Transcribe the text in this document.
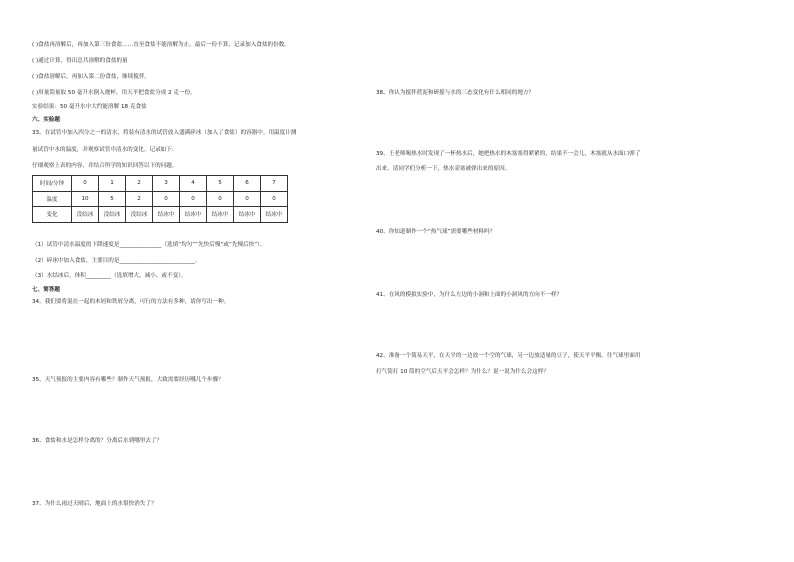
( )食盐再溶解后，再加入第三份食盐……直至食盐不能溶解为止，最后一份不算，记录加入食盐的份数。
( )通过计算，得出总共溶解的食盐的量
( )食盐溶解后，再加入第二份食盐，继续搅拌。
( )用量筒量取 50 毫升水倒入烧杯，用天平把食盐分成 2 克一份。
实验结果：50 毫升水中大约能溶解 18 克食盐
六、实验题
33、在试管中加入四分之一的清水，将装有清水的试管放入盛满碎冰（加入了食盐）的容器中。用温度计测
量试管中水的温度，并观察试管中清水的变化。记录如下:
仔细观察上表的内容，并结合所学的知识回答以下的问题。
时间/分钟	0	1	2	3	4	5	6	7
温度	10	5	2	0	0	0	0	0
变化	没结冰	没结冰	没结冰	结冰中	结冰中	结冰中	结冰中	结冰中
（1）试管中清水温度的下降速度是_______________（选填“均匀”“先快后慢”或“先慢后快”）。
（2）碎冰中加入食盐，主要目的是___________________________。
（3）水结冰后，体积_________（选填增大、减小、或不变）。
七、简答题
34、我们要将混在一起的木屑和铁屑分离，可行的方法有多种，请你写出一种。
35、天气预报的主要内容有哪些？制作天气预报，大致需要经历哪几个步骤？
36、食盐和水是怎样分离的？分离后水到哪里去了？
37、为什么雨过天晴后，地面上的水很快消失了？
38、你认为搅拌蔗泥和研搅与水的三态变化有什么相同的地方？
39、王老师喝热水时发现了一杯热水后，她把热水的木塞塞得紧紧的，结果不一会儿，木塞就从水面口弹了
出来。请同学们分析一下，热水壶塞被弹出来的原因。
40、你知道制作一个“热气球”需要哪些材料吗？
41、在风的模拟实验中，为什么左边的小洞和上面的小洞风的方向不一样？
42、准备一个简易天平，在天平的一边放一个空的气球，另一边放适量的豆子，使天平平衡。往气球里面用
打气筒打 10 筒的空气后天平会怎样？为什么？说一说为什么会这样？
